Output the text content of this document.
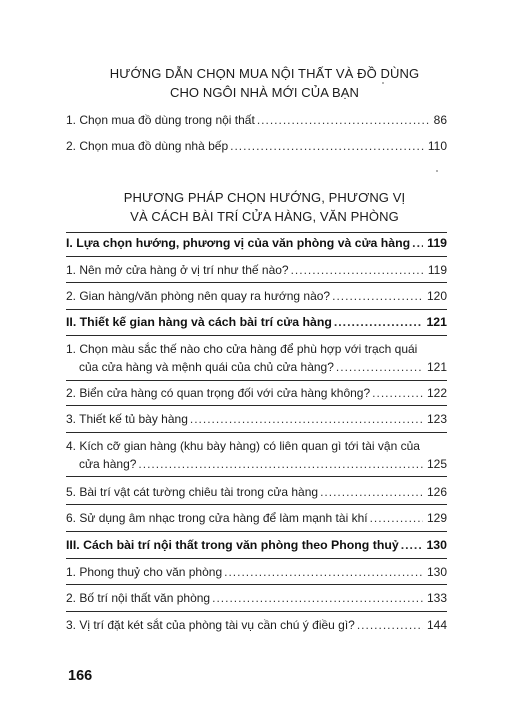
HƯỚNG DẪN CHỌN MUA NỘI THẤT VÀ ĐỒ DÙNG
CHO NGÔI NHÀ MỚI CỦA BẠN
1. Chọn mua đồ dùng trong nội thất .....	86
2. Chọn mua đồ dùng nhà bếp .....	110
PHƯƠNG PHÁP CHỌN HƯỚNG, PHƯƠNG VỊ
VÀ CÁCH BÀI TRÍ CỬA HÀNG, VĂN PHÒNG
I. Lựa chọn hướng, phương vị của văn phòng và cửa hàng ..... 119
1. Nên mở cửa hàng ở vị trí như thế nào? .....	119
2. Gian hàng/văn phòng nên quay ra hướng nào? .....	120
II. Thiết kế gian hàng và cách bài trí cửa hàng .....	121
1. Chọn màu sắc thế nào cho cửa hàng để phù hợp với trạch quái
của cửa hàng và mệnh quái của chủ cửa hàng? .....	121
2. Biển cửa hàng có quan trọng đối với cửa hàng không? .....	122
3. Thiết kế tủ bày hàng .....	123
4. Kích cỡ gian hàng (khu bày hàng) có liên quan gì tới tài vận của
cửa hàng? .....	125
5. Bài trí vật cát tường chiêu tài trong cửa hàng .....	126
6. Sử dụng âm nhạc trong cửa hàng để làm mạnh tài khí .....	129
III. Cách bài trí nội thất trong văn phòng theo Phong thuỷ ..... 130
1. Phong thuỷ cho văn phòng .....	130
2. Bố trí nội thất văn phòng .....	133
3. Vị trí đặt két sắt của phòng tài vụ cần chú ý điều gì? .....	144
166
